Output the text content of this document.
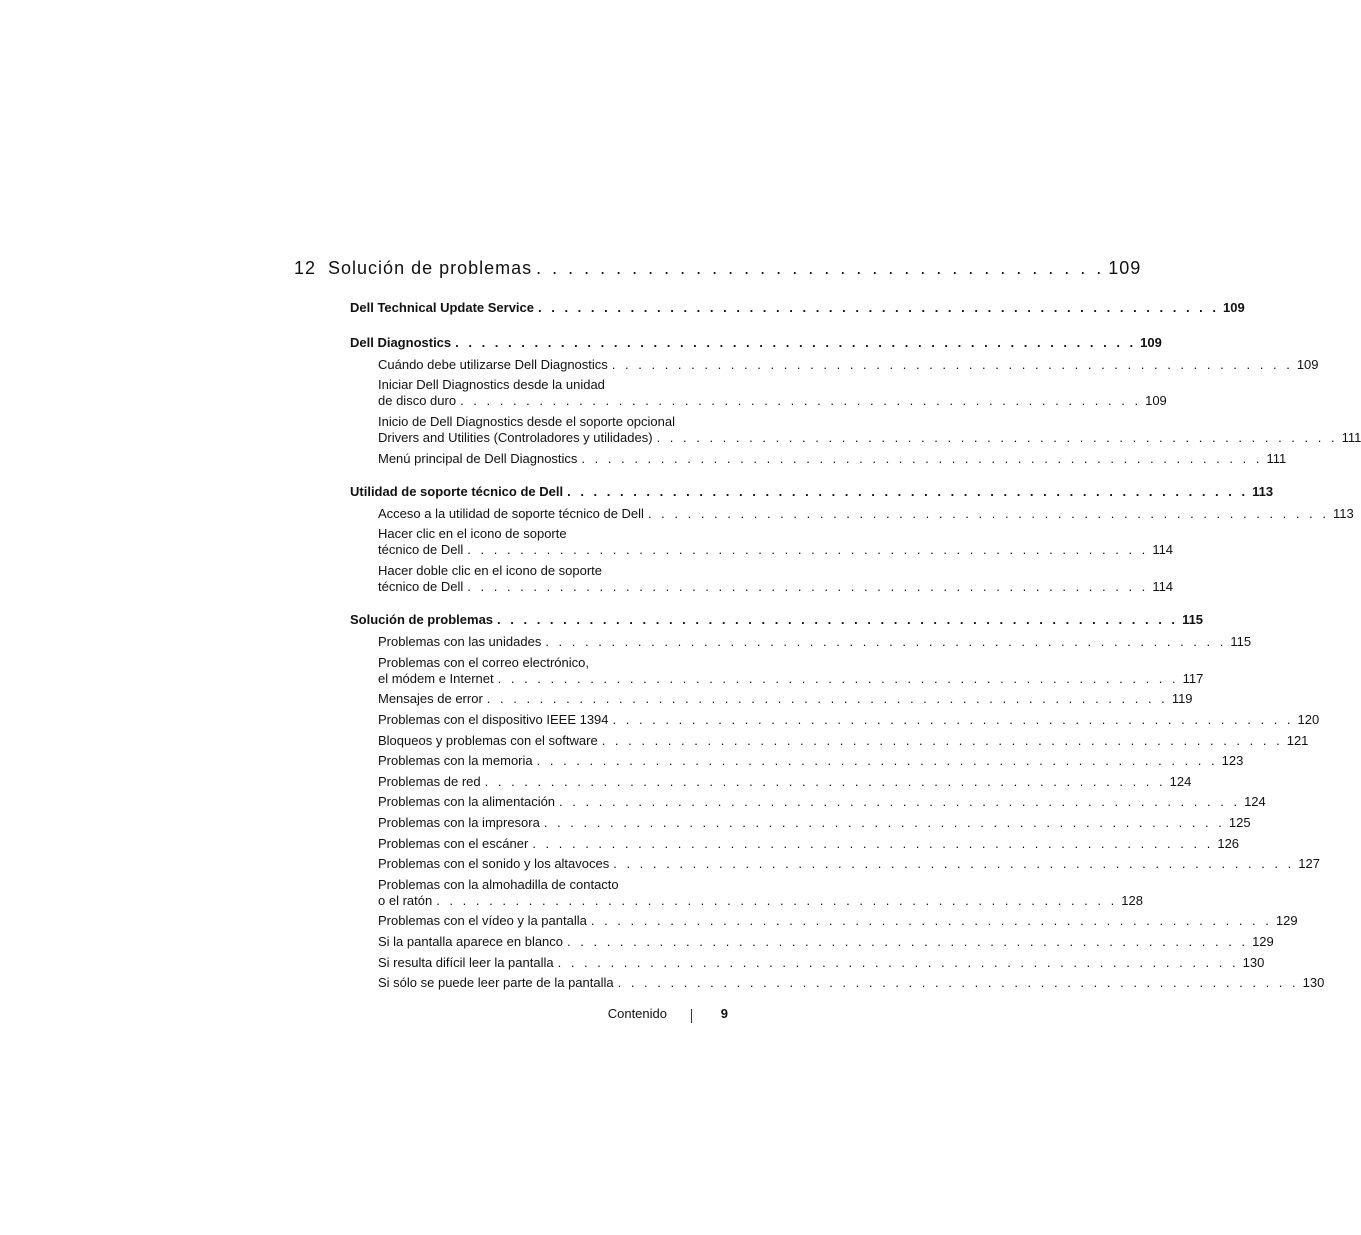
12 Solución de problemas . . . . . . . . . . . . . . . . . . . . . . . . . . . . . . . . . . . . 109
Dell Technical Update Service . . . . . . . . . . . . . . . . . . . . . . . . . . . . . . . . . . . . . . . . . . . . . . . . . . . . 109
Dell Diagnostics . . . . . . . . . . . . . . . . . . . . . . . . . . . . . . . . . . . . . . . . . . . . . . . . . . . . 109
Cuándo debe utilizarse Dell Diagnostics . . . . . . . . . . . . . . . . . . . . . . . . . . . . . . . . . . . . . . . . . . . . . . . . . . . . 109
Iniciar Dell Diagnostics desde la unidad
de disco duro . . . . . . . . . . . . . . . . . . . . . . . . . . . . . . . . . . . . . . . . . . . . . . . . . . . . 109
Inicio de Dell Diagnostics desde el soporte opcional
Drivers and Utilities (Controladores y utilidades) . . . . . . . . . . . . . . . . . . . . . . . . . . . . . . . . . . . . . . . . . . . . . . . . . . . . 111
Menú principal de Dell Diagnostics . . . . . . . . . . . . . . . . . . . . . . . . . . . . . . . . . . . . . . . . . . . . . . . . . . . . 111
Utilidad de soporte técnico de Dell . . . . . . . . . . . . . . . . . . . . . . . . . . . . . . . . . . . . . . . . . . . . . . . . . . . . 113
Acceso a la utilidad de soporte técnico de Dell . . . . . . . . . . . . . . . . . . . . . . . . . . . . . . . . . . . . . . . . . . . . . . . . . . . . 113
Hacer clic en el icono de soporte
técnico de Dell . . . . . . . . . . . . . . . . . . . . . . . . . . . . . . . . . . . . . . . . . . . . . . . . . . . . 114
Hacer doble clic en el icono de soporte
técnico de Dell . . . . . . . . . . . . . . . . . . . . . . . . . . . . . . . . . . . . . . . . . . . . . . . . . . . . 114
Solución de problemas . . . . . . . . . . . . . . . . . . . . . . . . . . . . . . . . . . . . . . . . . . . . . . . . . . . . 115
Problemas con las unidades . . . . . . . . . . . . . . . . . . . . . . . . . . . . . . . . . . . . . . . . . . . . . . . . . . . . 115
Problemas con el correo electrónico,
el módem e Internet . . . . . . . . . . . . . . . . . . . . . . . . . . . . . . . . . . . . . . . . . . . . . . . . . . . . 117
Mensajes de error . . . . . . . . . . . . . . . . . . . . . . . . . . . . . . . . . . . . . . . . . . . . . . . . . . . . 119
Problemas con el dispositivo IEEE 1394 . . . . . . . . . . . . . . . . . . . . . . . . . . . . . . . . . . . . . . . . . . . . . . . . . . . . 120
Bloqueos y problemas con el software . . . . . . . . . . . . . . . . . . . . . . . . . . . . . . . . . . . . . . . . . . . . . . . . . . . . 121
Problemas con la memoria . . . . . . . . . . . . . . . . . . . . . . . . . . . . . . . . . . . . . . . . . . . . . . . . . . . . 123
Problemas de red . . . . . . . . . . . . . . . . . . . . . . . . . . . . . . . . . . . . . . . . . . . . . . . . . . . . 124
Problemas con la alimentación . . . . . . . . . . . . . . . . . . . . . . . . . . . . . . . . . . . . . . . . . . . . . . . . . . . . 124
Problemas con la impresora . . . . . . . . . . . . . . . . . . . . . . . . . . . . . . . . . . . . . . . . . . . . . . . . . . . . 125
Problemas con el escáner . . . . . . . . . . . . . . . . . . . . . . . . . . . . . . . . . . . . . . . . . . . . . . . . . . . . 126
Problemas con el sonido y los altavoces . . . . . . . . . . . . . . . . . . . . . . . . . . . . . . . . . . . . . . . . . . . . . . . . . . . . 127
Problemas con la almohadilla de contacto
o el ratón . . . . . . . . . . . . . . . . . . . . . . . . . . . . . . . . . . . . . . . . . . . . . . . . . . . . 128
Problemas con el vídeo y la pantalla . . . . . . . . . . . . . . . . . . . . . . . . . . . . . . . . . . . . . . . . . . . . . . . . . . . . 129
Si la pantalla aparece en blanco . . . . . . . . . . . . . . . . . . . . . . . . . . . . . . . . . . . . . . . . . . . . . . . . . . . . 129
Si resulta difícil leer la pantalla . . . . . . . . . . . . . . . . . . . . . . . . . . . . . . . . . . . . . . . . . . . . . . . . . . . . 130
Si sólo se puede leer parte de la pantalla . . . . . . . . . . . . . . . . . . . . . . . . . . . . . . . . . . . . . . . . . . . . . . . . . . . . 130
Contenido	9
